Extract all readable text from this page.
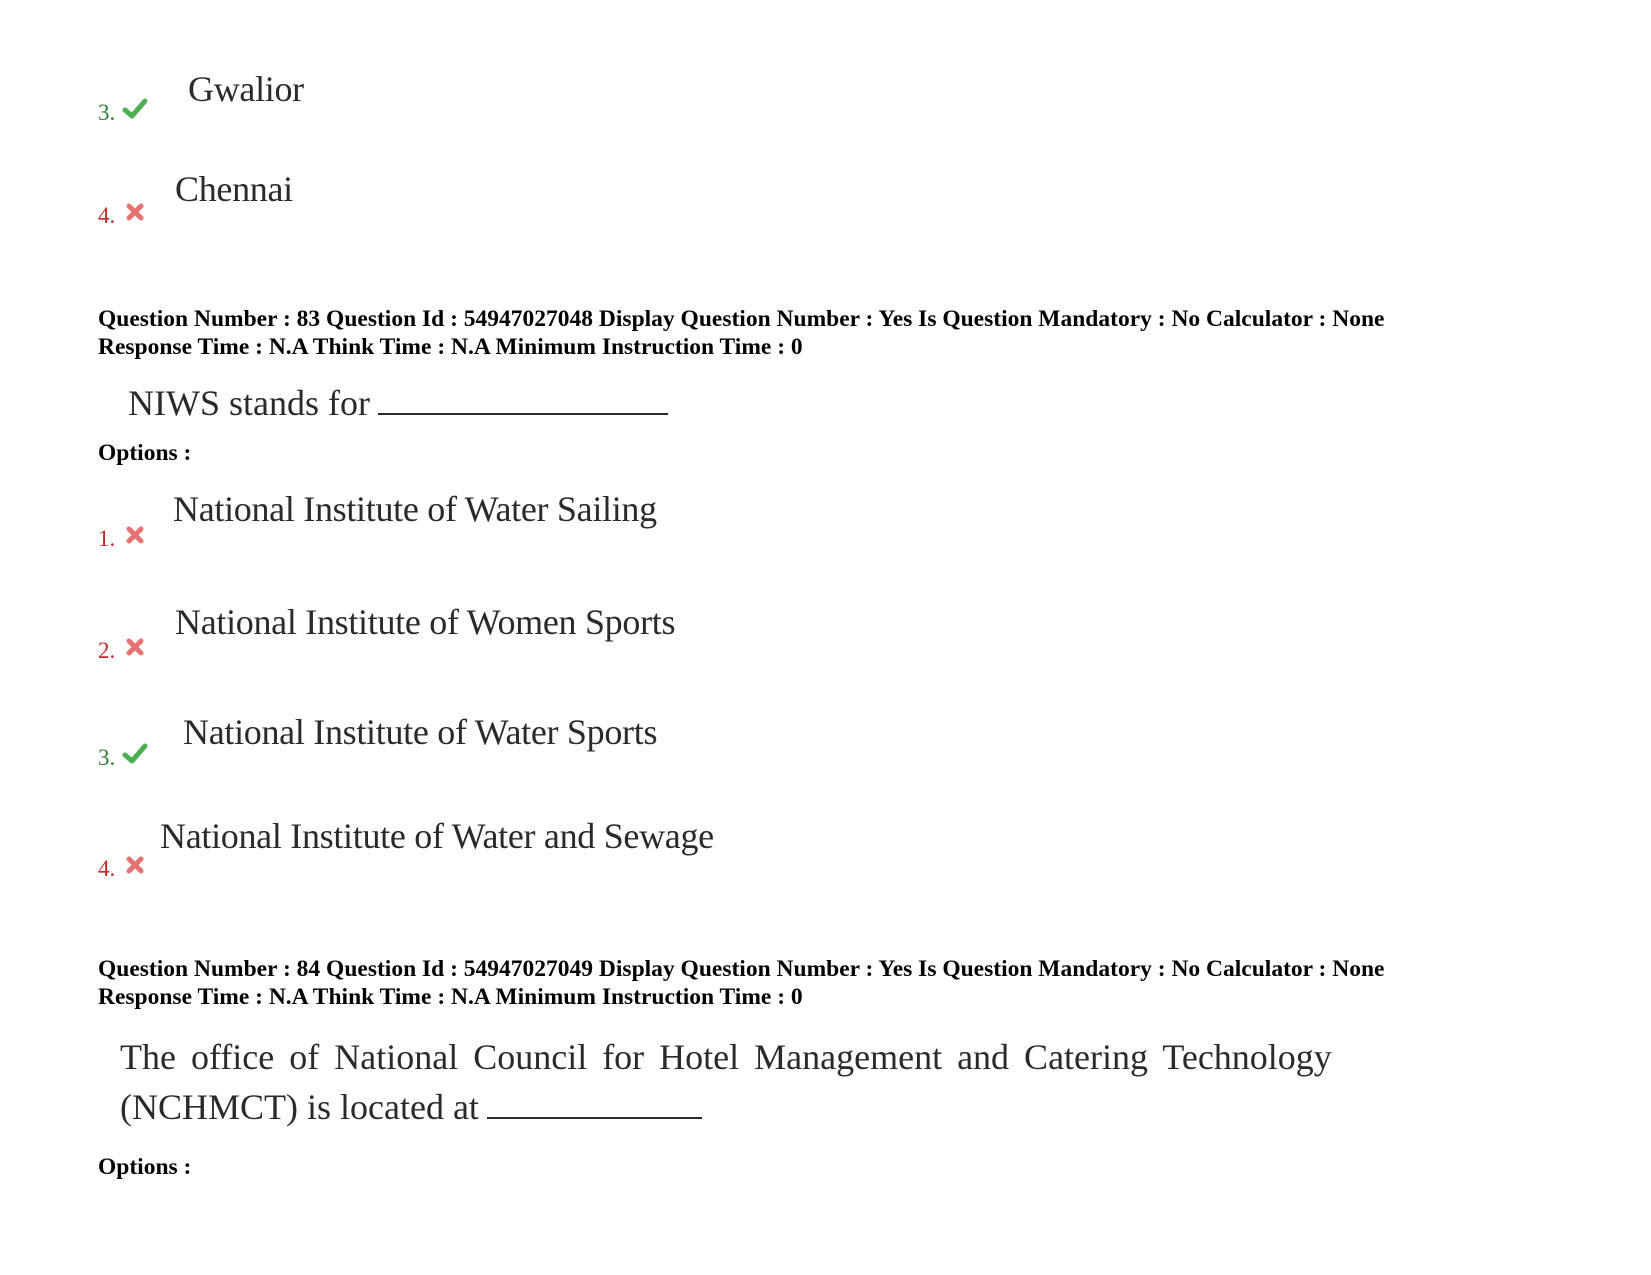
3.
Gwalior
4.
Chennai
Question Number : 83 Question Id : 54947027048 Display Question Number : Yes Is Question Mandatory : No Calculator : None
Response Time : N.A Think Time : N.A Minimum Instruction Time : 0
NIWS stands for
Options :
1.
National Institute of Water Sailing
2.
National Institute of Women Sports
3.
National Institute of Water Sports
4.
National Institute of Water and Sewage
Question Number : 84 Question Id : 54947027049 Display Question Number : Yes Is Question Mandatory : No Calculator : None
Response Time : N.A Think Time : N.A Minimum Instruction Time : 0
The office of National Council for Hotel Management and Catering Technology
(NCHMCT) is located at
Options :
